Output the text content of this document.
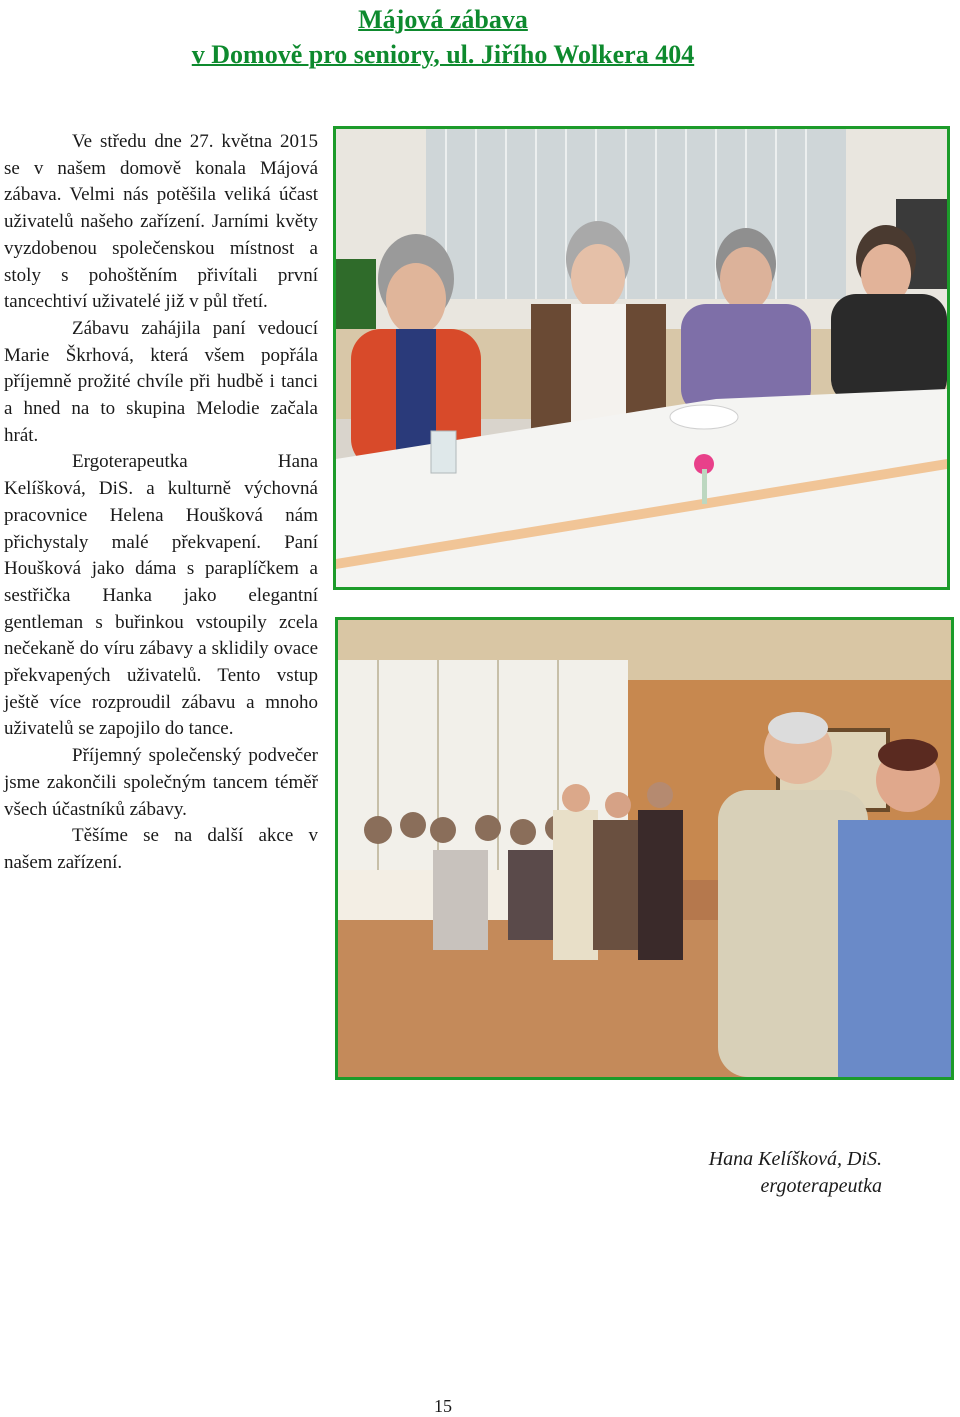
Májová zábava
v Domově pro seniory, ul. Jiřího Wolkera 404

Ve středu dne 27. května 2015 se v našem domově konala Májová zábava. Velmi nás potěšila veliká účast uživatelů našeho zařízení. Jarními květy vyzdobenou společenskou místnost a stoly s pohoštěním přivítali první tancechtiví uživatelé již v půl třetí.

Zábavu zahájila paní vedoucí Marie Škrhová, která všem popřála příjemně prožité chvíle při hudbě i tanci a hned na to skupina Melodie začala hrát.

Ergoterapeutka Hana Kelíšková, DiS. a kulturně výchovná pracovnice Helena Houšková nám přichystaly malé překvapení. Paní Houšková jako dáma s paraplíčkem a sestřička Hanka jako elegantní gentleman s buřinkou vstoupily zcela nečekaně do víru zábavy a sklidily ovace překvapených uživatelů. Tento vstup ještě více rozproudil zábavu a mnoho uživatelů se zapojilo do tance.

Příjemný společenský podvečer jsme zakončili společným tancem téměř všech účastníků zábavy.

Těšíme se na další akce v našem zařízení.

Hana Kelíšková, DiS.
ergoterapeutka
15
